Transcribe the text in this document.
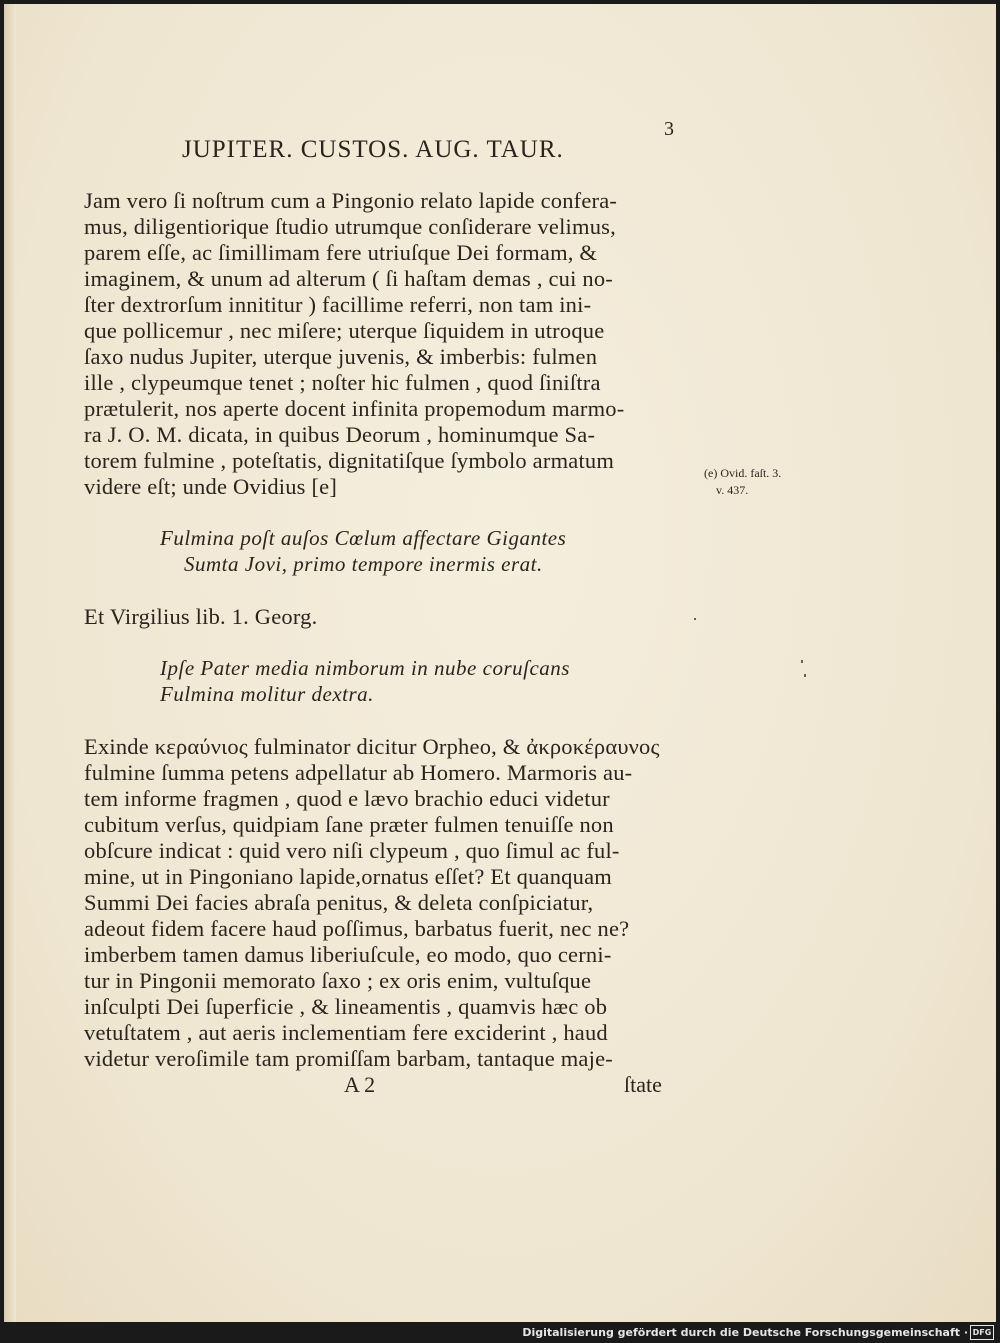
3
JUPITER. CUSTOS. AUG. TAUR.
Jam vero ſi noſtrum cum a Pingonio relato lapide confera-
mus, diligentiorique ſtudio utrumque conſiderare velimus,
parem eſſe, ac ſimillimam fere utriuſque Dei formam, &
imaginem, & unum ad alterum ( ſi haſtam demas , cui no-
ſter dextrorſum innititur ) facillime referri, non tam ini-
que pollicemur , nec miſere; uterque ſiquidem in utroque
ſaxo nudus Jupiter, uterque juvenis, & imberbis: fulmen
ille , clypeumque tenet ; noſter hic fulmen , quod ſiniſtra
prætulerit, nos aperte docent infinita propemodum marmo-
ra J. O. M. dicata, in quibus Deorum , hominumque Sa-
torem fulmine , poteſtatis, dignitatiſque ſymbolo armatum
videre eſt; unde Ovidius [e]
(e) Ovid. faſt. 3.
v. 437.
Fulmina poſt auſos Cœlum affectare Gigantes
Sumta Jovi, primo tempore inermis erat.
Et Virgilius lib. 1. Georg.
Ipſe Pater media nimborum in nube coruſcans
Fulmina molitur dextra.
Exinde κεραύνιος fulminator dicitur Orpheo, & ἀκροκέραυνος
fulmine ſumma petens adpellatur ab Homero. Marmoris au-
tem informe fragmen , quod e lævo brachio educi videtur
cubitum verſus, quidpiam ſane præter fulmen tenuiſſe non
obſcure indicat : quid vero niſi clypeum , quo ſimul ac ful-
mine, ut in Pingoniano lapide,ornatus eſſet? Et quanquam
Summi Dei facies abraſa penitus, & deleta conſpiciatur,
adeout fidem facere haud poſſimus, barbatus fuerit, nec ne?
imberbem tamen damus liberiuſcule, eo modo, quo cerni-
tur in Pingonii memorato ſaxo ; ex oris enim, vultuſque
inſculpti Dei ſuperficie , & lineamentis , quamvis hæc ob
vetuſtatem , aut aeris inclementiam fere exciderint , haud
videtur veroſimile tam promiſſam barbam, tantaque maje-
A 2	ſtate
Digitalisierung gefördert durch die Deutsche Forschungsgemeinschaft · DFG
